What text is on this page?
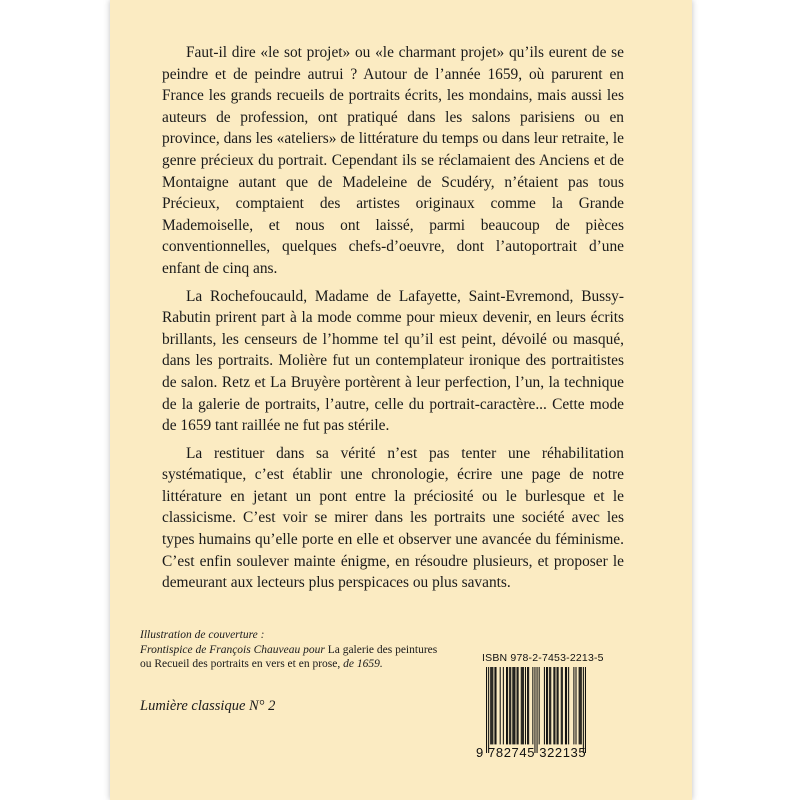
Faut-il dire «le sot projet» ou «le charmant projet» qu’ils eurent de se peindre et de peindre autrui ? Autour de l’année 1659, où parurent en France les grands recueils de portraits écrits, les mondains, mais aussi les auteurs de profession, ont pratiqué dans les salons parisiens ou en province, dans les «ateliers» de littérature du temps ou dans leur retraite, le genre précieux du portrait. Cependant ils se réclamaient des Anciens et de Montaigne autant que de Madeleine de Scudéry, n’étaient pas tous Précieux, comptaient des artistes originaux comme la Grande Mademoiselle, et nous ont laissé, parmi beaucoup de pièces conventionnelles, quelques chefs-d’oeuvre, dont l’autoportrait d’une enfant de cinq ans.

La Rochefoucauld, Madame de Lafayette, Saint-Evremond, Bussy-Rabutin prirent part à la mode comme pour mieux devenir, en leurs écrits brillants, les censeurs de l’homme tel qu’il est peint, dévoilé ou masqué, dans les portraits. Molière fut un contemplateur ironique des portraitistes de salon. Retz et La Bruyère portèrent à leur perfection, l’un, la technique de la galerie de portraits, l’autre, celle du portrait-caractère... Cette mode de 1659 tant raillée ne fut pas stérile.

La restituer dans sa vérité n’est pas tenter une réhabilitation systématique, c’est établir une chronologie, écrire une page de notre littérature en jetant un pont entre la préciosité ou le burlesque et le classicisme. C’est voir se mirer dans les portraits une société avec les types humains qu’elle porte en elle et observer une avancée du féminisme. C’est enfin soulever mainte énigme, en résoudre plusieurs, et proposer le demeurant aux lecteurs plus perspicaces ou plus savants.

Illustration de couverture :
Frontispice de François Chauveau pour La galerie des peintures
ou Recueil des portraits en vers et en prose, de 1659.
Lumière classique N° 2
ISBN 978-2-7453-2213-5
9 782745 322135
